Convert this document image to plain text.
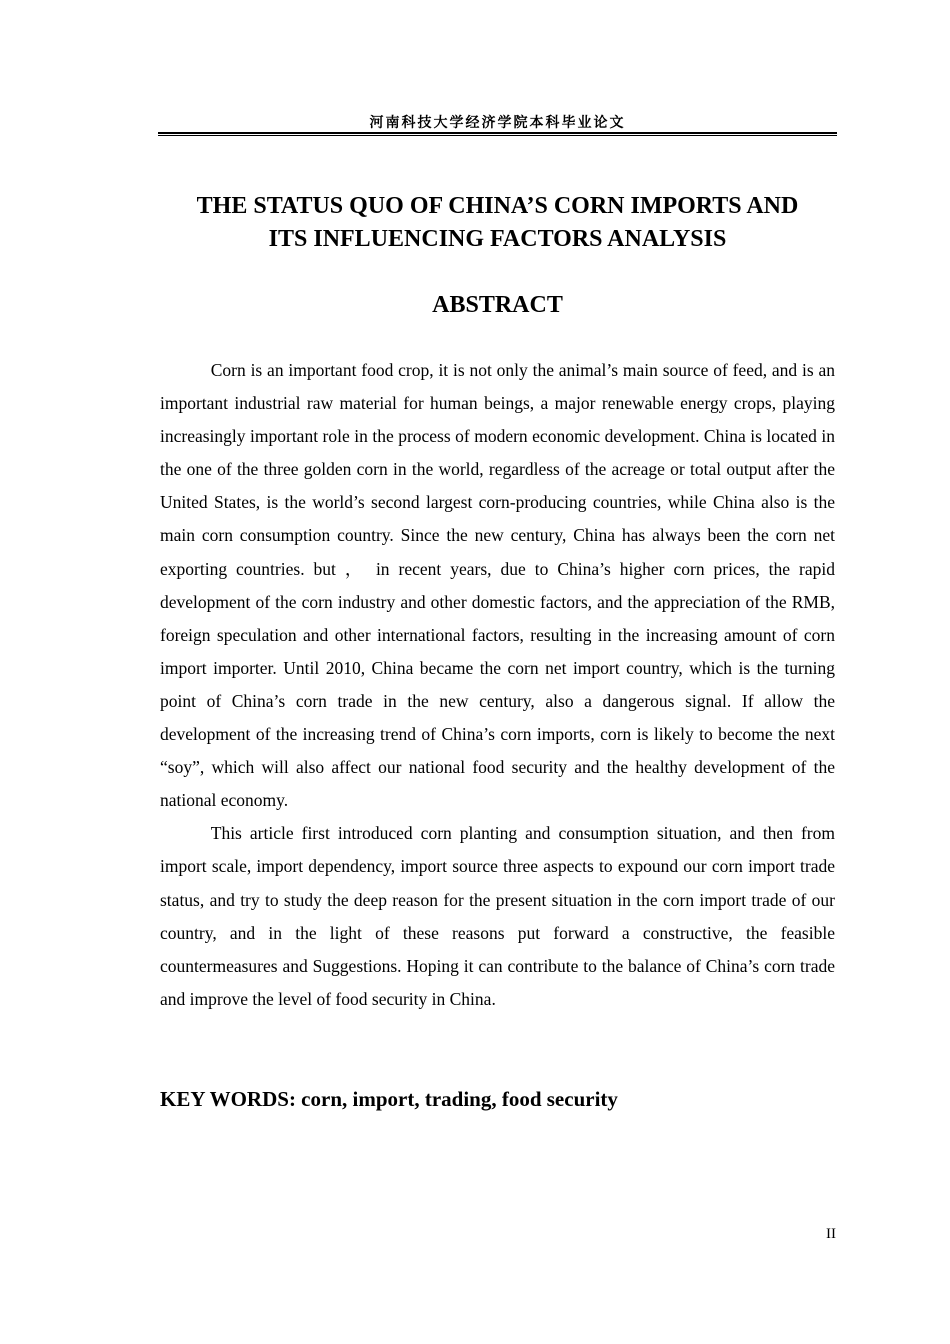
河南科技大学经济学院本科毕业论文
THE STATUS QUO OF CHINA’S CORN IMPORTS AND
ITS INFLUENCING FACTORS ANALYSIS
ABSTRACT

Corn is an important food crop, it is not only the animal’s main source of feed, and is an important industrial raw material for human beings, a major renewable energy crops, playing increasingly important role in the process of modern economic development. China is located in the one of the three golden corn in the world, regardless of the acreage or total output after the United States, is the world’s second largest corn-producing countries, while China also is the main corn consumption country. Since the new century, China has always been the corn net exporting countries. but ， in recent years, due to China’s higher corn prices, the rapid development of the corn industry and other domestic factors, and the appreciation of the RMB, foreign speculation and other international factors, resulting in the increasing amount of corn import importer. Until 2010, China became the corn net import country, which is the turning point of China’s corn trade in the new century, also a dangerous signal. If allow the development of the increasing trend of China’s corn imports, corn is likely to become the next “soy”, which will also affect our national food security and the healthy development of the national economy.

This article first introduced corn planting and consumption situation, and then from import scale, import dependency, import source three aspects to expound our corn import trade status, and try to study the deep reason for the present situation in the corn import trade of our country, and in the light of these reasons put forward a constructive, the feasible countermeasures and Suggestions. Hoping it can contribute to the balance of China’s corn trade and improve the level of food security in China.

KEY WORDS: corn, import, trading, food security
II
